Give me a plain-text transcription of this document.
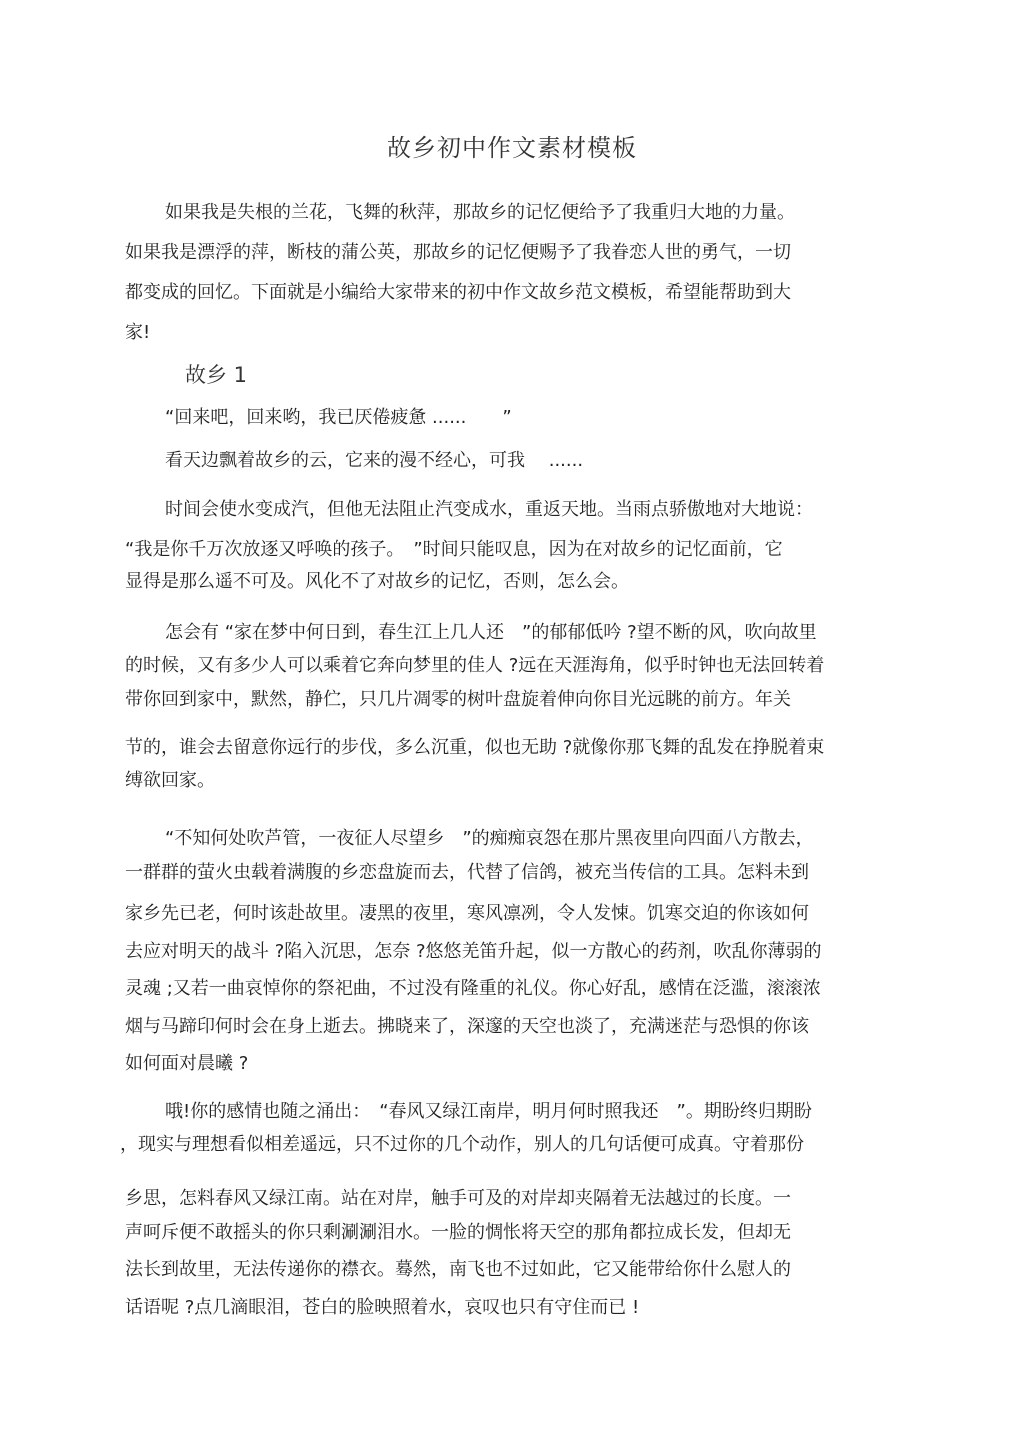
故乡初中作文素材模板
如果我是失根的兰花，飞舞的秋萍，那故乡的记忆便给予了我重归大地的力量。
如果我是漂浮的萍，断枝的蒲公英，那故乡的记忆便赐予了我眷恋人世的勇气，一切
都变成的回忆。下面就是小编给大家带来的初中作文故乡范文模板，希望能帮助到大
家!
故乡 1
“回来吧，回来哟，我已厌倦疲惫 ......　　”
看天边飘着故乡的云，它来的漫不经心，可我　 ......
时间会使水变成汽，但他无法阻止汽变成水，重返天地。当雨点骄傲地对大地说：
“我是你千万次放逐又呼唤的孩子。　”时间只能叹息，因为在对故乡的记忆面前，它
显得是那么遥不可及。风化不了对故乡的记忆，否则，怎么会。
怎会有 “家在梦中何日到，春生江上几人还　”的郁郁低吟 ?望不断的风，吹向故里
的时候，又有多少人可以乘着它奔向梦里的佳人 ?远在天涯海角，似乎时钟也无法回转着
带你回到家中，默然，静伫，只几片凋零的树叶盘旋着伸向你目光远眺的前方。年关
节的，谁会去留意你远行的步伐，多么沉重，似也无助 ?就像你那飞舞的乱发在挣脱着束
缚欲回家。
“不知何处吹芦管，一夜征人尽望乡　”的痴痴哀怨在那片黑夜里向四面八方散去，
一群群的萤火虫载着满腹的乡恋盘旋而去，代替了信鸽，被充当传信的工具。怎料未到
家乡先已老，何时该赴故里。凄黑的夜里，寒风凛冽，令人发悚。饥寒交迫的你该如何
去应对明天的战斗 ?陷入沉思，怎奈 ?悠悠羌笛升起，似一方散心的药剂，吹乱你薄弱的
灵魂 ;又若一曲哀悼你的祭祀曲，不过没有隆重的礼仪。你心好乱，感情在泛滥，滚滚浓
烟与马蹄印何时会在身上逝去。拂晓来了，深邃的天空也淡了，充满迷茫与恐惧的你该
如何面对晨曦 ?
哦!你的感情也随之涌出：　“春风又绿江南岸，明月何时照我还　”。期盼终归期盼
，现实与理想看似相差遥远，只不过你的几个动作，别人的几句话便可成真。守着那份
乡思，怎料春风又绿江南。站在对岸，触手可及的对岸却夹隔着无法越过的长度。一
声呵斥便不敢摇头的你只剩涮涮泪水。一脸的惆怅将天空的那角都拉成长发，但却无
法长到故里，无法传递你的襟衣。蓦然，南飞也不过如此，它又能带给你什么慰人的
话语呢 ?点几滴眼泪，苍白的脸映照着水，哀叹也只有守住而已 !
